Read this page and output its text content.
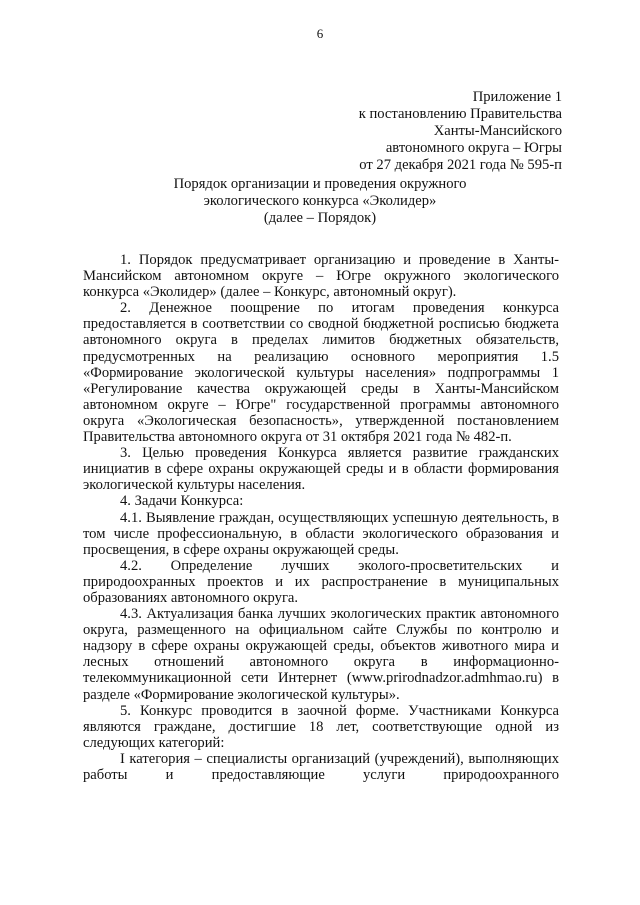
6
Приложение 1
к постановлению Правительства
Ханты-Мансийского
автономного округа – Югры
от 27 декабря 2021 года № 595-п
Порядок организации и проведения окружного
экологического конкурса «Эколидер»
(далее – Порядок)

1. Порядок предусматривает организацию и проведение в Ханты-Мансийском автономном округе – Югре окружного экологического конкурса «Эколидер» (далее – Конкурс, автономный округ).

2. Денежное поощрение по итогам проведения конкурса предоставляется в соответствии со сводной бюджетной росписью бюджета автономного округа в пределах лимитов бюджетных обязательств, предусмотренных на реализацию основного мероприятия 1.5 «Формирование экологической культуры населения» подпрограммы 1 «Регулирование качества окружающей среды в Ханты-Мансийском автономном округе – Югре" государственной программы автономного округа «Экологическая безопасность», утвержденной постановлением Правительства автономного округа от 31 октября 2021 года № 482-п.

3. Целью проведения Конкурса является развитие гражданских инициатив в сфере охраны окружающей среды и в области формирования экологической культуры населения.

4. Задачи Конкурса:

4.1. Выявление граждан, осуществляющих успешную деятельность, в том числе профессиональную, в области экологического образования и просвещения, в сфере охраны окружающей среды.

4.2. Определение лучших эколого-просветительских и природоохранных проектов и их распространение в муниципальных образованиях автономного округа.

4.3. Актуализация банка лучших экологических практик автономного округа, размещенного на официальном сайте Службы по контролю и надзору в сфере охраны окружающей среды, объектов животного мира и лесных отношений автономного округа в информационно-телекоммуникационной сети Интернет (www.prirodnadzor.admhmao.ru) в разделе «Формирование экологической культуры».

5. Конкурс проводится в заочной форме. Участниками Конкурса являются граждане, достигшие 18 лет, соответствующие одной из следующих категорий:

I категория – специалисты организаций (учреждений), выполняющих работы и предоставляющие услуги природоохранного
